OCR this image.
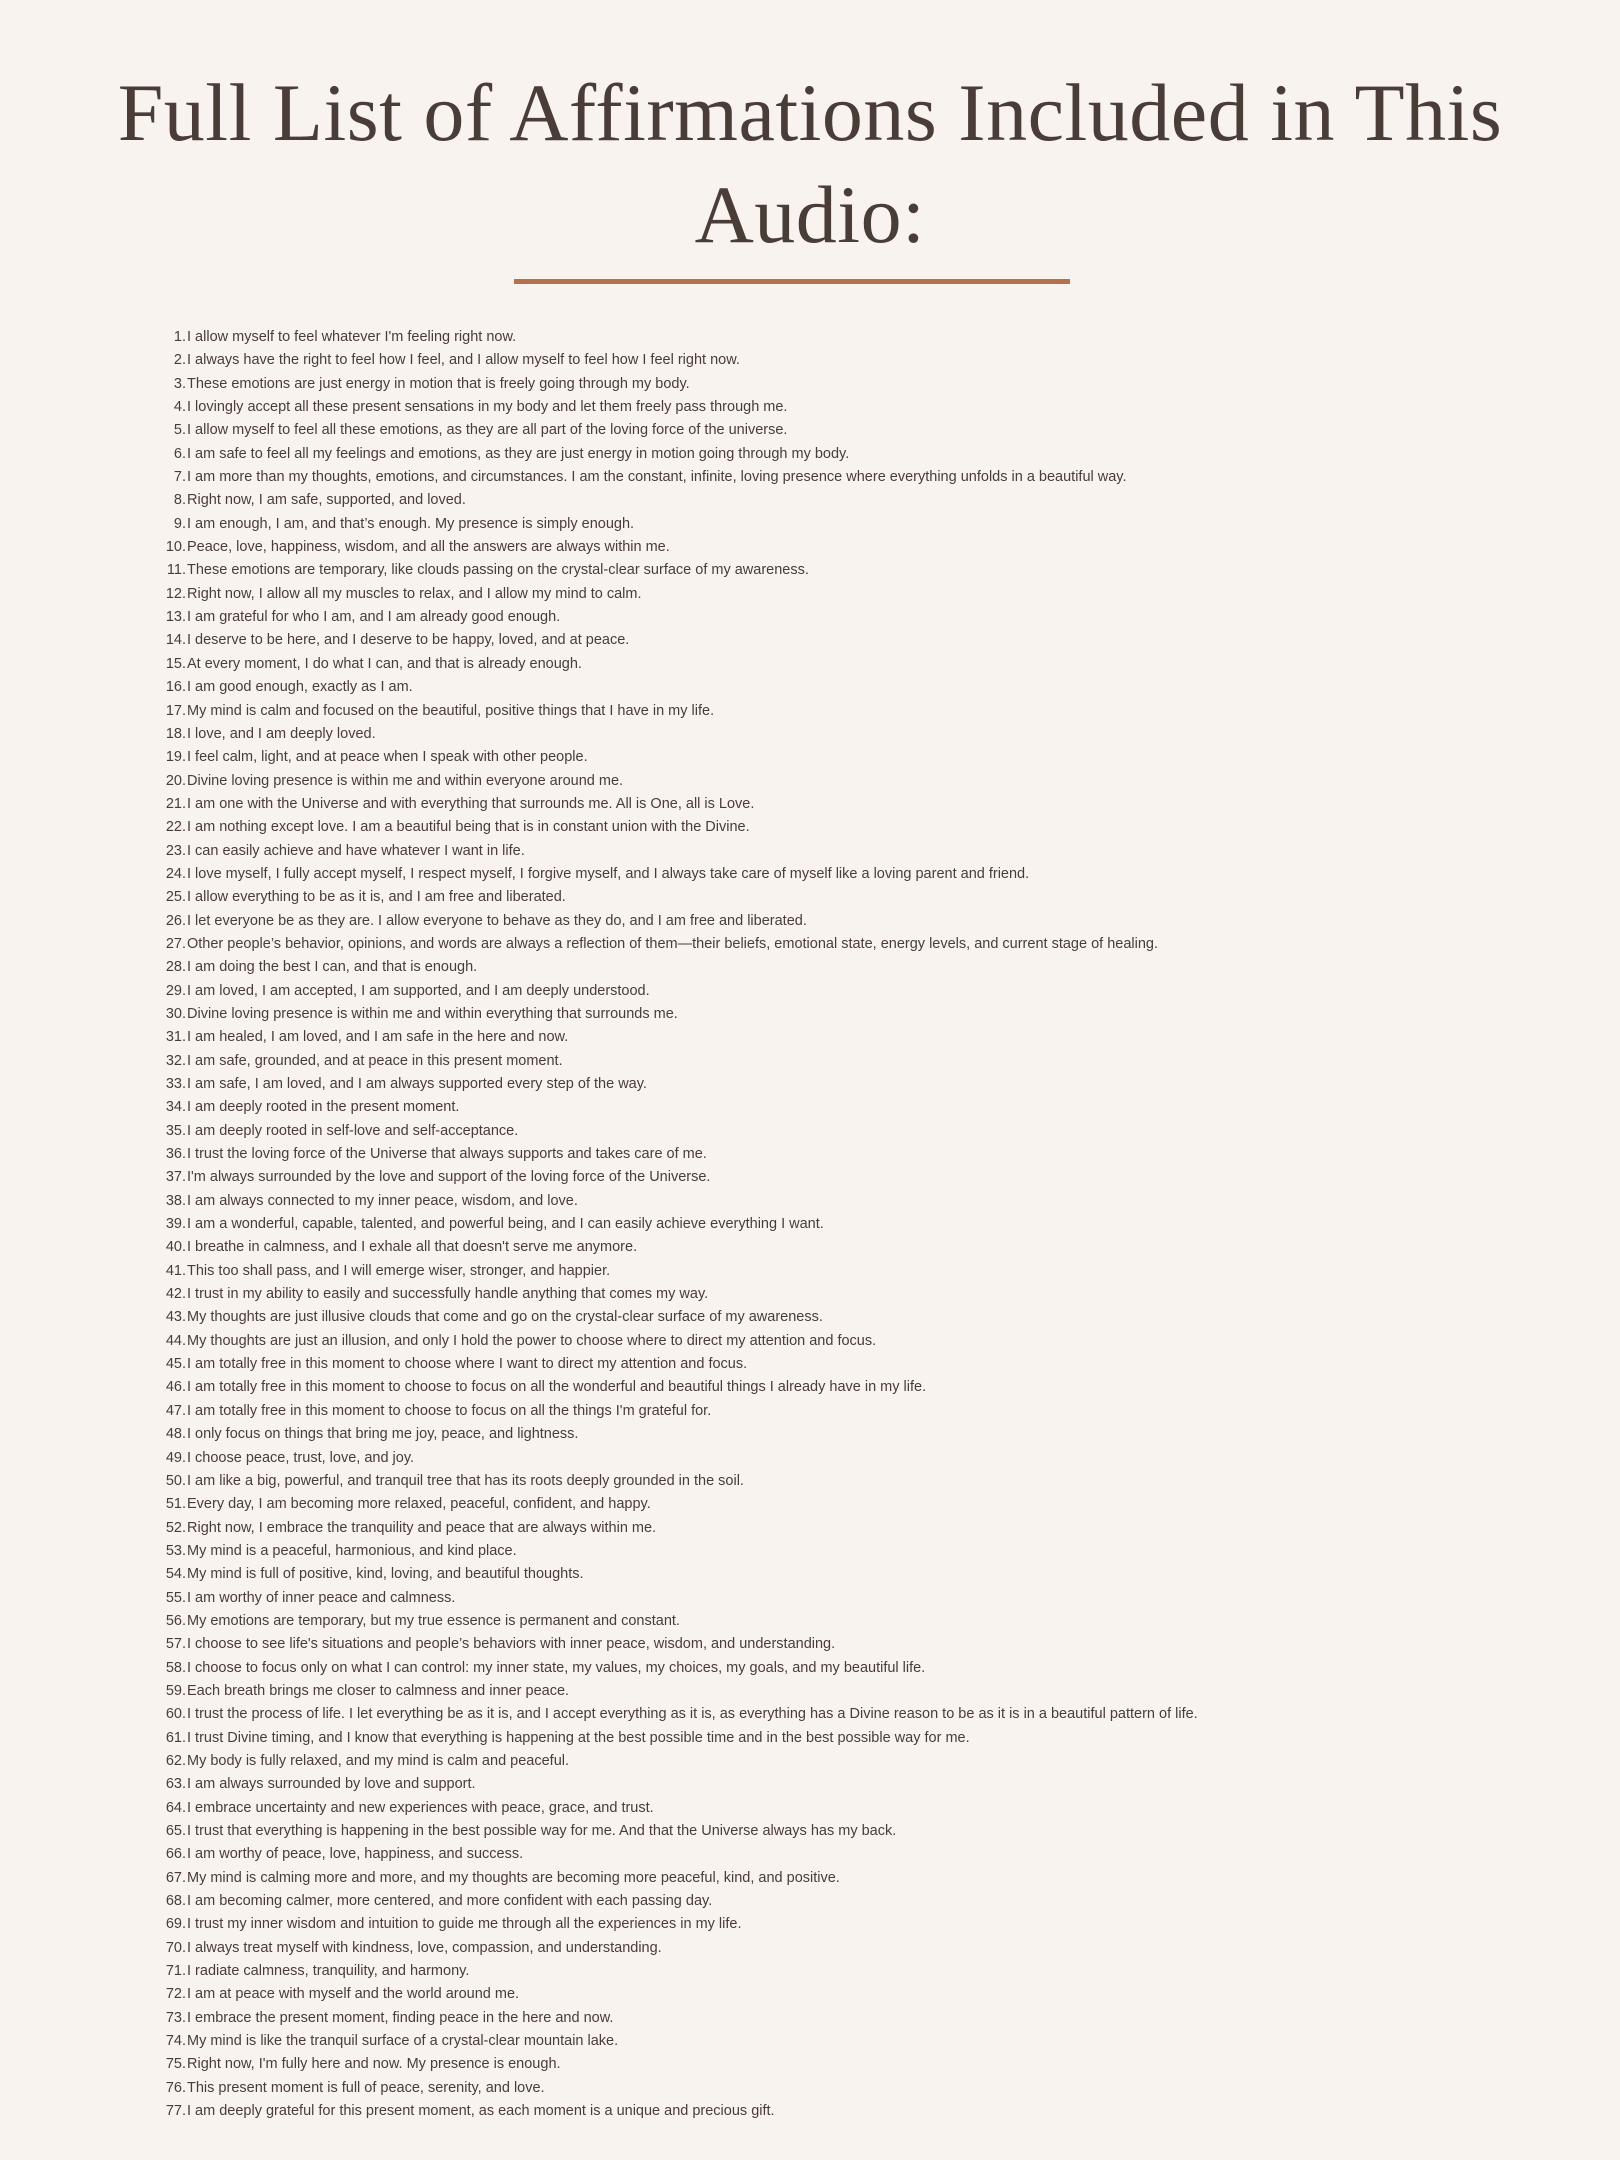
Full List of Affirmations Included in This Audio:
1. I allow myself to feel whatever I'm feeling right now.
2. I always have the right to feel how I feel, and I allow myself to feel how I feel right now.
3. These emotions are just energy in motion that is freely going through my body.
4. I lovingly accept all these present sensations in my body and let them freely pass through me.
5. I allow myself to feel all these emotions, as they are all part of the loving force of the universe.
6. I am safe to feel all my feelings and emotions, as they are just energy in motion going through my body.
7. I am more than my thoughts, emotions, and circumstances. I am the constant, infinite, loving presence where everything unfolds in a beautiful way.
8. Right now, I am safe, supported, and loved.
9. I am enough, I am, and that’s enough. My presence is simply enough.
10. Peace, love, happiness, wisdom, and all the answers are always within me.
11. These emotions are temporary, like clouds passing on the crystal-clear surface of my awareness.
12. Right now, I allow all my muscles to relax, and I allow my mind to calm.
13. I am grateful for who I am, and I am already good enough.
14. I deserve to be here, and I deserve to be happy, loved, and at peace.
15. At every moment, I do what I can, and that is already enough.
16. I am good enough, exactly as I am.
17. My mind is calm and focused on the beautiful, positive things that I have in my life.
18. I love, and I am deeply loved.
19. I feel calm, light, and at peace when I speak with other people.
20. Divine loving presence is within me and within everyone around me.
21. I am one with the Universe and with everything that surrounds me. All is One, all is Love.
22. I am nothing except love. I am a beautiful being that is in constant union with the Divine.
23. I can easily achieve and have whatever I want in life.
24. I love myself, I fully accept myself, I respect myself, I forgive myself, and I always take care of myself like a loving parent and friend.
25. I allow everything to be as it is, and I am free and liberated.
26. I let everyone be as they are. I allow everyone to behave as they do, and I am free and liberated.
27. Other people’s behavior, opinions, and words are always a reflection of them—their beliefs, emotional state, energy levels, and current stage of healing.
28. I am doing the best I can, and that is enough.
29. I am loved, I am accepted, I am supported, and I am deeply understood.
30. Divine loving presence is within me and within everything that surrounds me.
31. I am healed, I am loved, and I am safe in the here and now.
32. I am safe, grounded, and at peace in this present moment.
33. I am safe, I am loved, and I am always supported every step of the way.
34. I am deeply rooted in the present moment.
35. I am deeply rooted in self-love and self-acceptance.
36. I trust the loving force of the Universe that always supports and takes care of me.
37. I'm always surrounded by the love and support of the loving force of the Universe.
38. I am always connected to my inner peace, wisdom, and love.
39. I am a wonderful, capable, talented, and powerful being, and I can easily achieve everything I want.
40. I breathe in calmness, and I exhale all that doesn't serve me anymore.
41. This too shall pass, and I will emerge wiser, stronger, and happier.
42. I trust in my ability to easily and successfully handle anything that comes my way.
43. My thoughts are just illusive clouds that come and go on the crystal-clear surface of my awareness.
44. My thoughts are just an illusion, and only I hold the power to choose where to direct my attention and focus.
45. I am totally free in this moment to choose where I want to direct my attention and focus.
46. I am totally free in this moment to choose to focus on all the wonderful and beautiful things I already have in my life.
47. I am totally free in this moment to choose to focus on all the things I'm grateful for.
48. I only focus on things that bring me joy, peace, and lightness.
49. I choose peace, trust, love, and joy.
50. I am like a big, powerful, and tranquil tree that has its roots deeply grounded in the soil.
51. Every day, I am becoming more relaxed, peaceful, confident, and happy.
52. Right now, I embrace the tranquility and peace that are always within me.
53. My mind is a peaceful, harmonious, and kind place.
54. My mind is full of positive, kind, loving, and beautiful thoughts.
55. I am worthy of inner peace and calmness.
56. My emotions are temporary, but my true essence is permanent and constant.
57. I choose to see life's situations and people’s behaviors with inner peace, wisdom, and understanding.
58. I choose to focus only on what I can control: my inner state, my values, my choices, my goals, and my beautiful life.
59. Each breath brings me closer to calmness and inner peace.
60. I trust the process of life. I let everything be as it is, and I accept everything as it is, as everything has a Divine reason to be as it is in a beautiful pattern of life.
61. I trust Divine timing, and I know that everything is happening at the best possible time and in the best possible way for me.
62. My body is fully relaxed, and my mind is calm and peaceful.
63. I am always surrounded by love and support.
64. I embrace uncertainty and new experiences with peace, grace, and trust.
65. I trust that everything is happening in the best possible way for me. And that the Universe always has my back.
66. I am worthy of peace, love, happiness, and success.
67. My mind is calming more and more, and my thoughts are becoming more peaceful, kind, and positive.
68. I am becoming calmer, more centered, and more confident with each passing day.
69. I trust my inner wisdom and intuition to guide me through all the experiences in my life.
70. I always treat myself with kindness, love, compassion, and understanding.
71. I radiate calmness, tranquility, and harmony.
72. I am at peace with myself and the world around me.
73. I embrace the present moment, finding peace in the here and now.
74. My mind is like the tranquil surface of a crystal-clear mountain lake.
75. Right now, I'm fully here and now. My presence is enough.
76. This present moment is full of peace, serenity, and love.
77. I am deeply grateful for this present moment, as each moment is a unique and precious gift.
